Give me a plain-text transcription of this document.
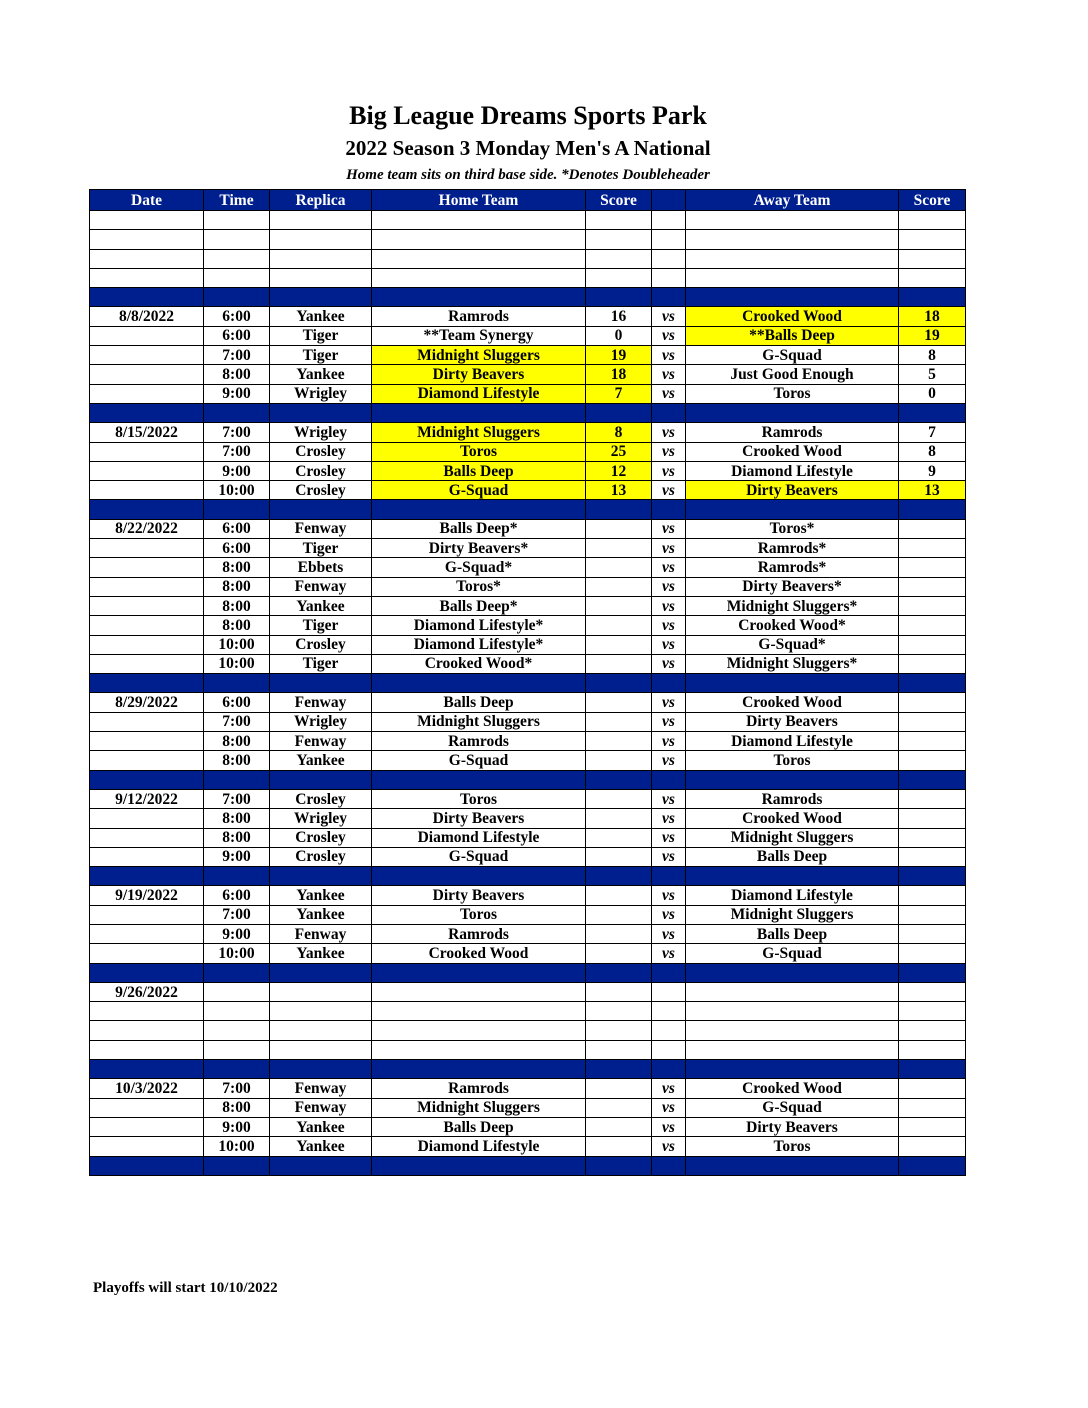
Big League Dreams Sports Park
2022 Season 3 Monday Men's A National
Home team sits on third base side. *Denotes Doubleheader
Date	Time	Replica	Home Team	Score		Away Team	Score

8/8/2022	6:00	Yankee	Ramrods	16	vs	Crooked Wood	18
	6:00	Tiger	**Team Synergy	0	vs	**Balls Deep	19
	7:00	Tiger	Midnight Sluggers	19	vs	G-Squad	8
	8:00	Yankee	Dirty Beavers	18	vs	Just Good Enough	5
	9:00	Wrigley	Diamond Lifestyle	7	vs	Toros	0

8/15/2022	7:00	Wrigley	Midnight Sluggers	8	vs	Ramrods	7
	7:00	Crosley	Toros	25	vs	Crooked Wood	8
	9:00	Crosley	Balls Deep	12	vs	Diamond Lifestyle	9
	10:00	Crosley	G-Squad	13	vs	Dirty Beavers	13

8/22/2022	6:00	Fenway	Balls Deep*		vs	Toros*	
	6:00	Tiger	Dirty Beavers*		vs	Ramrods*	
	8:00	Ebbets	G-Squad*		vs	Ramrods*	
	8:00	Fenway	Toros*		vs	Dirty Beavers*	
	8:00	Yankee	Balls Deep*		vs	Midnight Sluggers*	
	8:00	Tiger	Diamond Lifestyle*		vs	Crooked Wood*	
	10:00	Crosley	Diamond Lifestyle*		vs	G-Squad*	
	10:00	Tiger	Crooked Wood*		vs	Midnight Sluggers*	

8/29/2022	6:00	Fenway	Balls Deep		vs	Crooked Wood	
	7:00	Wrigley	Midnight Sluggers		vs	Dirty Beavers	
	8:00	Fenway	Ramrods		vs	Diamond Lifestyle	
	8:00	Yankee	G-Squad		vs	Toros	

9/12/2022	7:00	Crosley	Toros		vs	Ramrods	
	8:00	Wrigley	Dirty Beavers		vs	Crooked Wood	
	8:00	Crosley	Diamond Lifestyle		vs	Midnight Sluggers	
	9:00	Crosley	G-Squad		vs	Balls Deep	

9/19/2022	6:00	Yankee	Dirty Beavers		vs	Diamond Lifestyle	
	7:00	Yankee	Toros		vs	Midnight Sluggers	
	9:00	Fenway	Ramrods		vs	Balls Deep	
	10:00	Yankee	Crooked Wood		vs	G-Squad	

9/26/2022							

10/3/2022	7:00	Fenway	Ramrods		vs	Crooked Wood	
	8:00	Fenway	Midnight Sluggers		vs	G-Squad	
	9:00	Yankee	Balls Deep		vs	Dirty Beavers	
	10:00	Yankee	Diamond Lifestyle		vs	Toros	

Playoffs will start 10/10/2022
